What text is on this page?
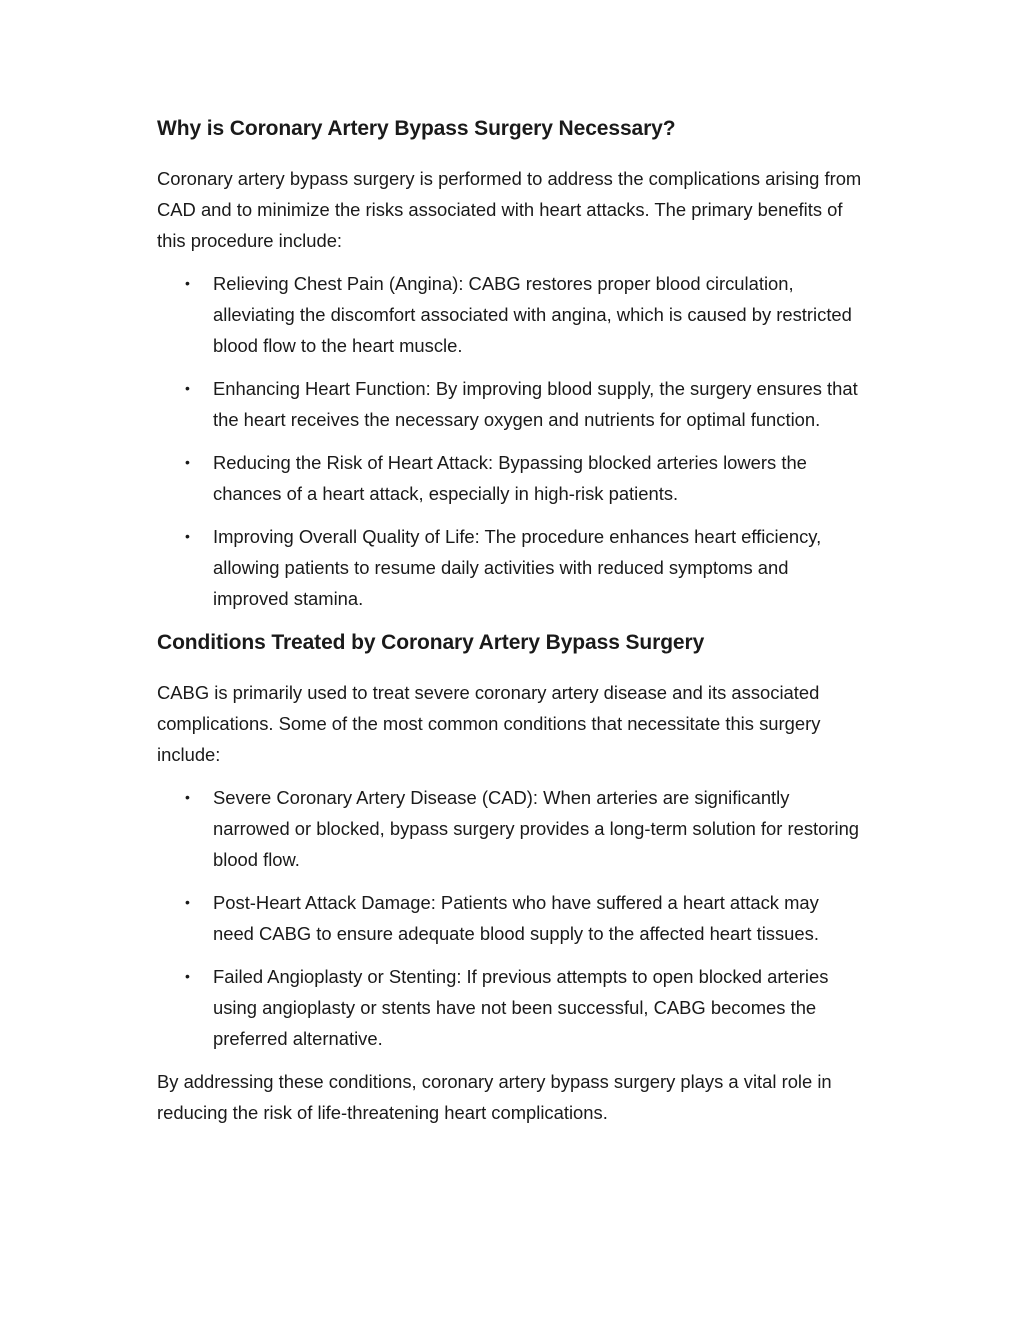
Why is Coronary Artery Bypass Surgery Necessary?

Coronary artery bypass surgery is performed to address the complications arising from CAD and to minimize the risks associated with heart attacks. The primary benefits of this procedure include:

• Relieving Chest Pain (Angina): CABG restores proper blood circulation, alleviating the discomfort associated with angina, which is caused by restricted blood flow to the heart muscle.
• Enhancing Heart Function: By improving blood supply, the surgery ensures that the heart receives the necessary oxygen and nutrients for optimal function.
• Reducing the Risk of Heart Attack: Bypassing blocked arteries lowers the chances of a heart attack, especially in high-risk patients.
• Improving Overall Quality of Life: The procedure enhances heart efficiency, allowing patients to resume daily activities with reduced symptoms and improved stamina.
Conditions Treated by Coronary Artery Bypass Surgery

CABG is primarily used to treat severe coronary artery disease and its associated complications. Some of the most common conditions that necessitate this surgery include:

• Severe Coronary Artery Disease (CAD): When arteries are significantly narrowed or blocked, bypass surgery provides a long-term solution for restoring blood flow.
• Post-Heart Attack Damage: Patients who have suffered a heart attack may need CABG to ensure adequate blood supply to the affected heart tissues.
• Failed Angioplasty or Stenting: If previous attempts to open blocked arteries using angioplasty or stents have not been successful, CABG becomes the preferred alternative.

By addressing these conditions, coronary artery bypass surgery plays a vital role in reducing the risk of life-threatening heart complications.
